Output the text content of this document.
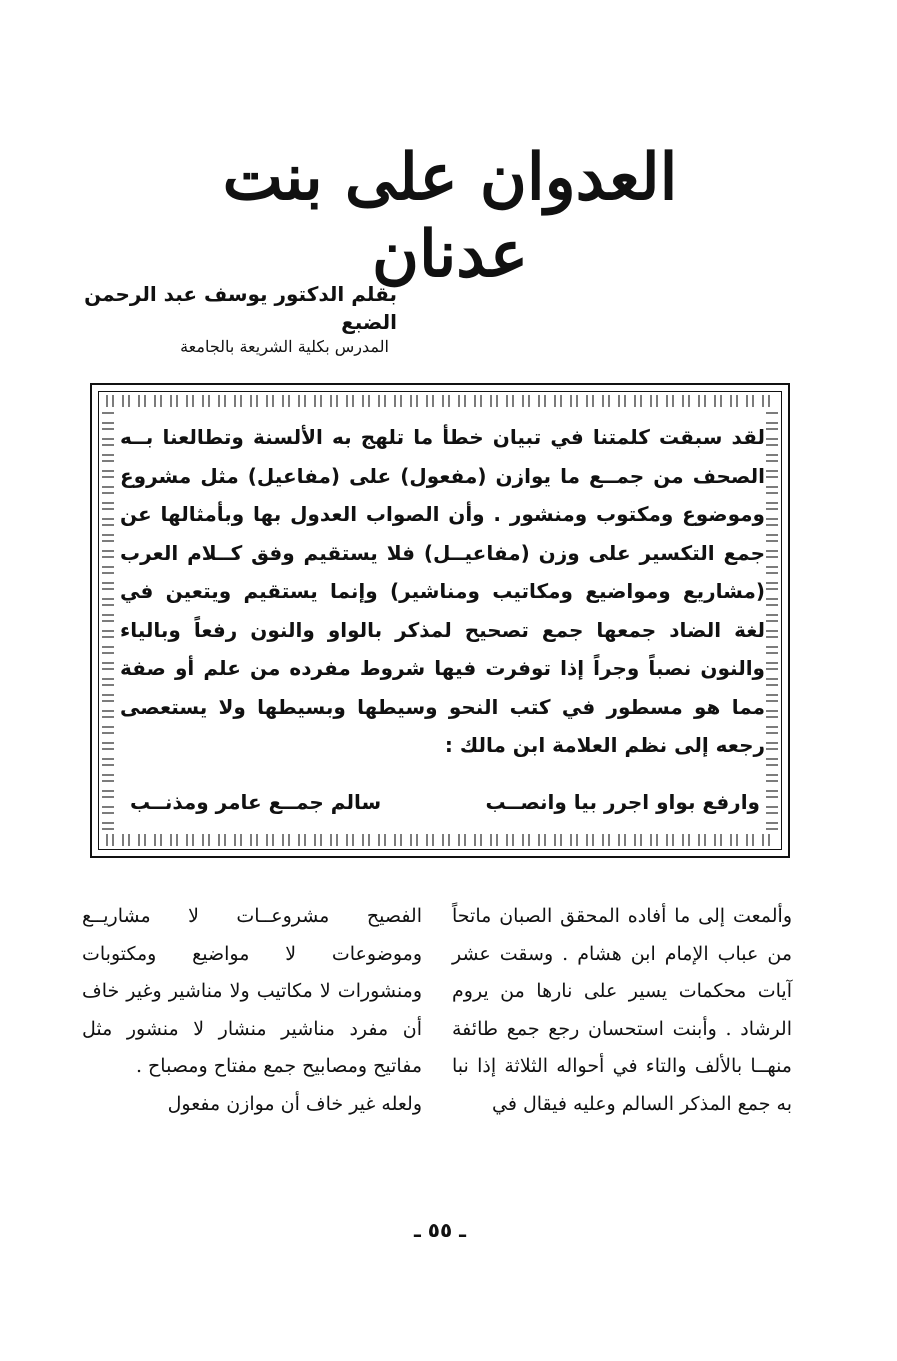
العدوان على بنت عدنان
بقلم الدكتور يوسف عبد الرحمن الضبع
المدرس بكلية الشريعة بالجامعة

لقد سبقت كلمتنا في تبيان خطأ ما تلهج به الألسنة وتطالعنا بــه الصحف من جمــع ما يوازن (مفعول) على (مفاعيل) مثل مشروع وموضوع ومكتوب ومنشور . وأن الصواب العدول بها وبأمثالها عن جمع التكسير على وزن (مفاعيــل) فلا يستقيم وفق كــلام العرب (مشاريع ومواضيع ومكاتيب ومناشير) وإنما يستقيم ويتعين في لغة الضاد جمعها جمع تصحيح لمذكر بالواو والنون رفعاً وبالياء والنون نصباً وجراً إذا توفرت فيها شروط مفرده من علم أو صفة مما هو مسطور في كتب النحو وسيطها وبسيطها ولا يستعصى رجعه إلى نظم العلامة ابن مالك :

وارفع بواو اجرر بيا وانصــب
سالم جمــع عامر ومذنــب

وألمعت إلى ما أفاده المحقق الصبان ماتحاً من عباب الإمام ابن هشام . وسقت عشر آيات محكمات يسير على نارها من يروم الرشاد . وأبنت استحسان رجع جمع طائفة منهــا بالألف والتاء في أحواله الثلاثة إذا نبا به جمع المذكر السالم وعليه فيقال في

الفصيح مشروعــات لا مشاريــع وموضوعات لا مواضيع ومكتوبات ومنشورات لا مكاتيب ولا مناشير وغير خاف أن مفرد مناشير منشار لا منشور مثل مفاتيح ومصابيح جمع مفتاح ومصباح .

ولعله غير خاف أن موازن مفعول

ـ ٥٥ ـ
